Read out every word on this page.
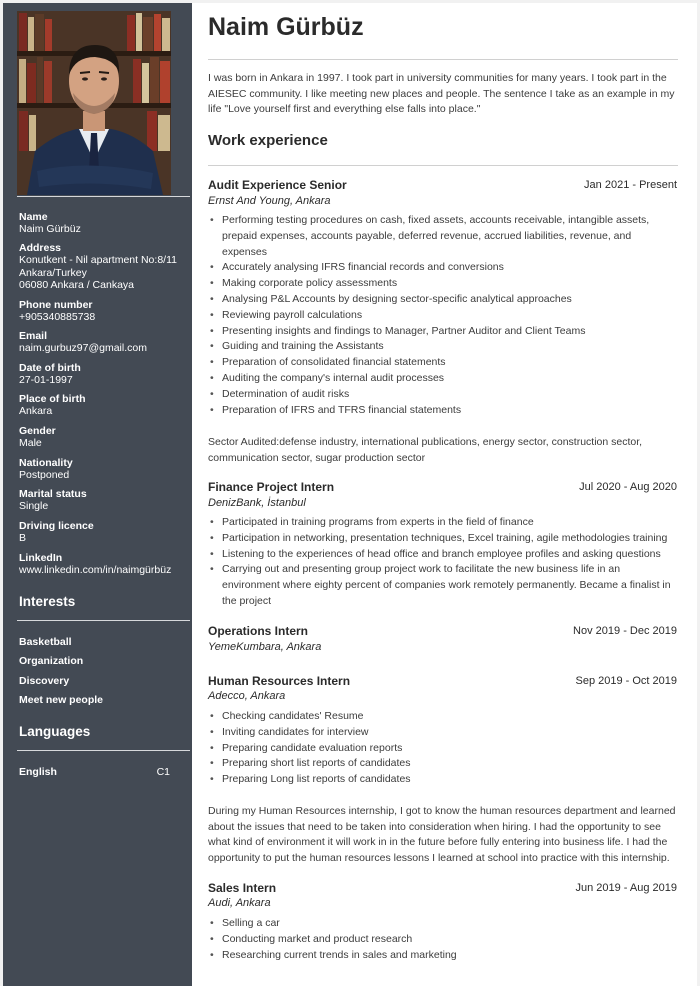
Name
Naim Gürbüz
Address
Konutkent - Nil apartment No:8/11
Ankara/Turkey
06080 Ankara / Cankaya
Phone number
+905340885738
Email
naim.gurbuz97@gmail.com
Date of birth
27-01-1997
Place of birth
Ankara
Gender
Male
Nationality
Postponed
Marital status
Single
Driving licence
B
LinkedIn
www.linkedin.com/in/naimgürbüz
Interests
Basketball
Organization
Discovery
Meet new people
Languages
English	C1
Naim Gürbüz
I was born in Ankara in 1997. I took part in university communities for many years. I took part in the AIESEC community. I like meeting new places and people. The sentence I take as an example in my life "Love yourself first and everything else falls into place."
Work experience
Audit Experience Senior	Jan 2021 - Present
Ernst And Young, Ankara
• Performing testing procedures on cash, fixed assets, accounts receivable, intangible assets, prepaid expenses, accounts payable, deferred revenue, accrued liabilities, revenue, and expenses
• Accurately analysing IFRS financial records and conversions
• Making corporate policy assessments
• Analysing P&L Accounts by designing sector-specific analytical approaches
• Reviewing payroll calculations
• Presenting insights and findings to Manager, Partner Auditor and Client Teams
• Guiding and training the Assistants
• Preparation of consolidated financial statements
• Auditing the company's internal audit processes
• Determination of audit risks
• Preparation of IFRS and TFRS financial statements
Sector Audited:defense industry, international publications, energy sector, construction sector, communication sector, sugar production sector
Finance Project Intern	Jul 2020 - Aug 2020
DenizBank, İstanbul
• Participated in training programs from experts in the field of finance
• Participation in networking, presentation techniques, Excel training, agile methodologies training
• Listening to the experiences of head office and branch employee profiles and asking questions
• Carrying out and presenting group project work to facilitate the new business life in an environment where eighty percent of companies work remotely permanently. Became a finalist in the project
Operations Intern	Nov 2019 - Dec 2019
YemeKumbara, Ankara
Human Resources Intern	Sep 2019 - Oct 2019
Adecco, Ankara
• Checking candidates' Resume
• Inviting candidates for interview
• Preparing candidate evaluation reports
• Preparing short list reports of candidates
• Preparing Long list reports of candidates
During my Human Resources internship, I got to know the human resources department and learned about the issues that need to be taken into consideration when hiring. I had the opportunity to see what kind of environment it will work in in the future before fully entering into business life. I had the opportunity to put the human resources lessons I learned at school into practice with this internship.
Sales Intern	Jun 2019 - Aug 2019
Audi, Ankara
• Selling a car
• Conducting market and product research
• Researching current trends in sales and marketing
